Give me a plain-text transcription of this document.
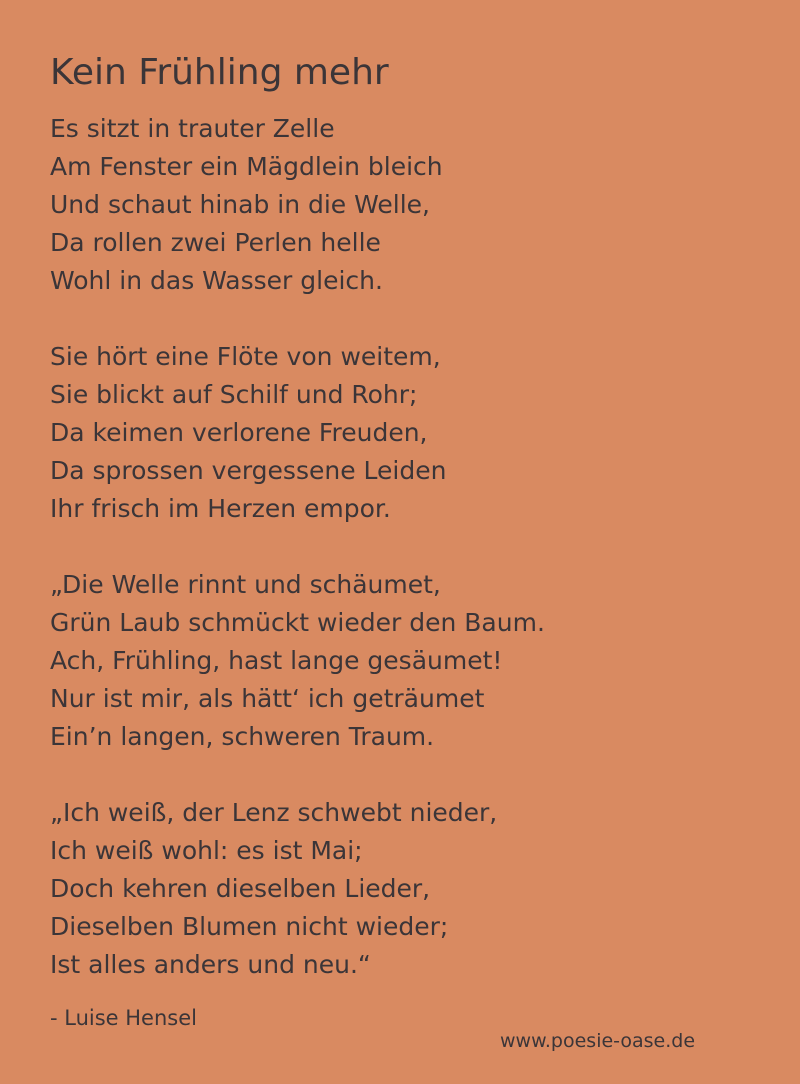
Kein Frühling mehr
Es sitzt in trauter Zelle
Am Fenster ein Mägdlein bleich
Und schaut hinab in die Welle,
Da rollen zwei Perlen helle
Wohl in das Wasser gleich.
Sie hört eine Flöte von weitem,
Sie blickt auf Schilf und Rohr;
Da keimen verlorene Freuden,
Da sprossen vergessene Leiden
Ihr frisch im Herzen empor.
„Die Welle rinnt und schäumet,
Grün Laub schmückt wieder den Baum.
Ach, Frühling, hast lange gesäumet!
Nur ist mir, als hätt‘ ich geträumet
Ein’n langen, schweren Traum.
„Ich weiß, der Lenz schwebt nieder,
Ich weiß wohl: es ist Mai;
Doch kehren dieselben Lieder,
Dieselben Blumen nicht wieder;
Ist alles anders und neu.“
- Luise Hensel
www.poesie-oase.de
